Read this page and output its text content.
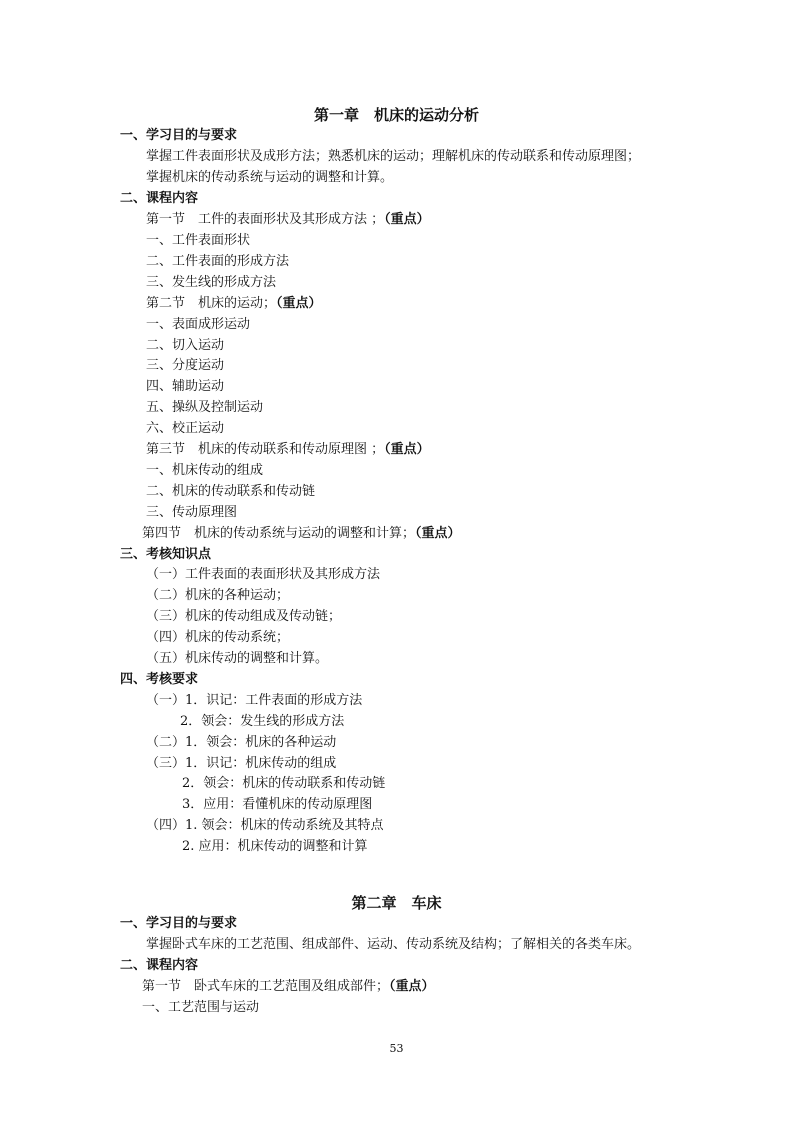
第一章　机床的运动分析
一、学习目的与要求
掌握工件表面形状及成形方法；熟悉机床的运动；理解机床的传动联系和传动原理图；
掌握机床的传动系统与运动的调整和计算。
二、课程内容
第一节　工件的表面形状及其形成方法 ；（重点）
一、工件表面形状
二、工件表面的形成方法
三、发生线的形成方法
第二节　机床的运动；（重点）
一、表面成形运动
二、切入运动
三、分度运动
四、辅助运动
五、操纵及控制运动
六、校正运动
第三节　机床的传动联系和传动原理图 ；（重点）
一、机床传动的组成
二、机床的传动联系和传动链
三、传动原理图
第四节　机床的传动系统与运动的调整和计算；（重点）
三、考核知识点
（一）工件表面的表面形状及其形成方法
（二）机床的各种运动；
（三）机床的传动组成及传动链；
（四）机床的传动系统；
（五）机床传动的调整和计算。
四、考核要求
（一）1．识记：工件表面的形成方法
2．领会：发生线的形成方法
（二）1．领会：机床的各种运动
（三）1．识记：机床传动的组成
2．领会：机床的传动联系和传动链
3．应用：看懂机床的传动原理图
（四）1. 领会：机床的传动系统及其特点
2. 应用：机床传动的调整和计算
第二章　车床
一、学习目的与要求
掌握卧式车床的工艺范围、组成部件、运动、传动系统及结构；了解相关的各类车床。
二、课程内容
第一节　卧式车床的工艺范围及组成部件；（重点）
一、工艺范围与运动
53
